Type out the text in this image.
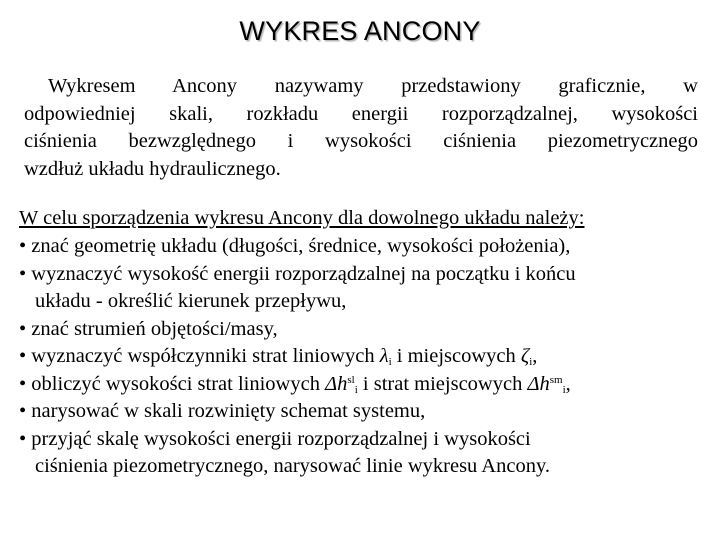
WYKRES ANCONY
Wykresem Ancony nazywamy przedstawiony graficznie, w
odpowiedniej skali, rozkładu energii rozporządzalnej, wysokości
ciśnienia bezwzględnego i wysokości ciśnienia piezometrycznego
wzdłuż układu hydraulicznego.
W celu sporządzenia wykresu Ancony dla dowolnego układu należy:
• znać geometrię układu (długości, średnice, wysokości położenia),
• wyznaczyć wysokość energii rozporządzalnej na początku i końcu
układu - określić kierunek przepływu,
• znać strumień objętości/masy,
• wyznaczyć współczynniki strat liniowych $\lambda_i$ i miejscowych $\zeta_i$,
• obliczyć wysokości strat liniowych $\Delta h^{sl}_i$ i strat miejscowych $\Delta h^{sm}_i$,
• narysować w skali rozwinięty schemat systemu,
• przyjąć skalę wysokości energii rozporządzalnej i wysokości
ciśnienia piezometrycznego, narysować linie wykresu Ancony.
